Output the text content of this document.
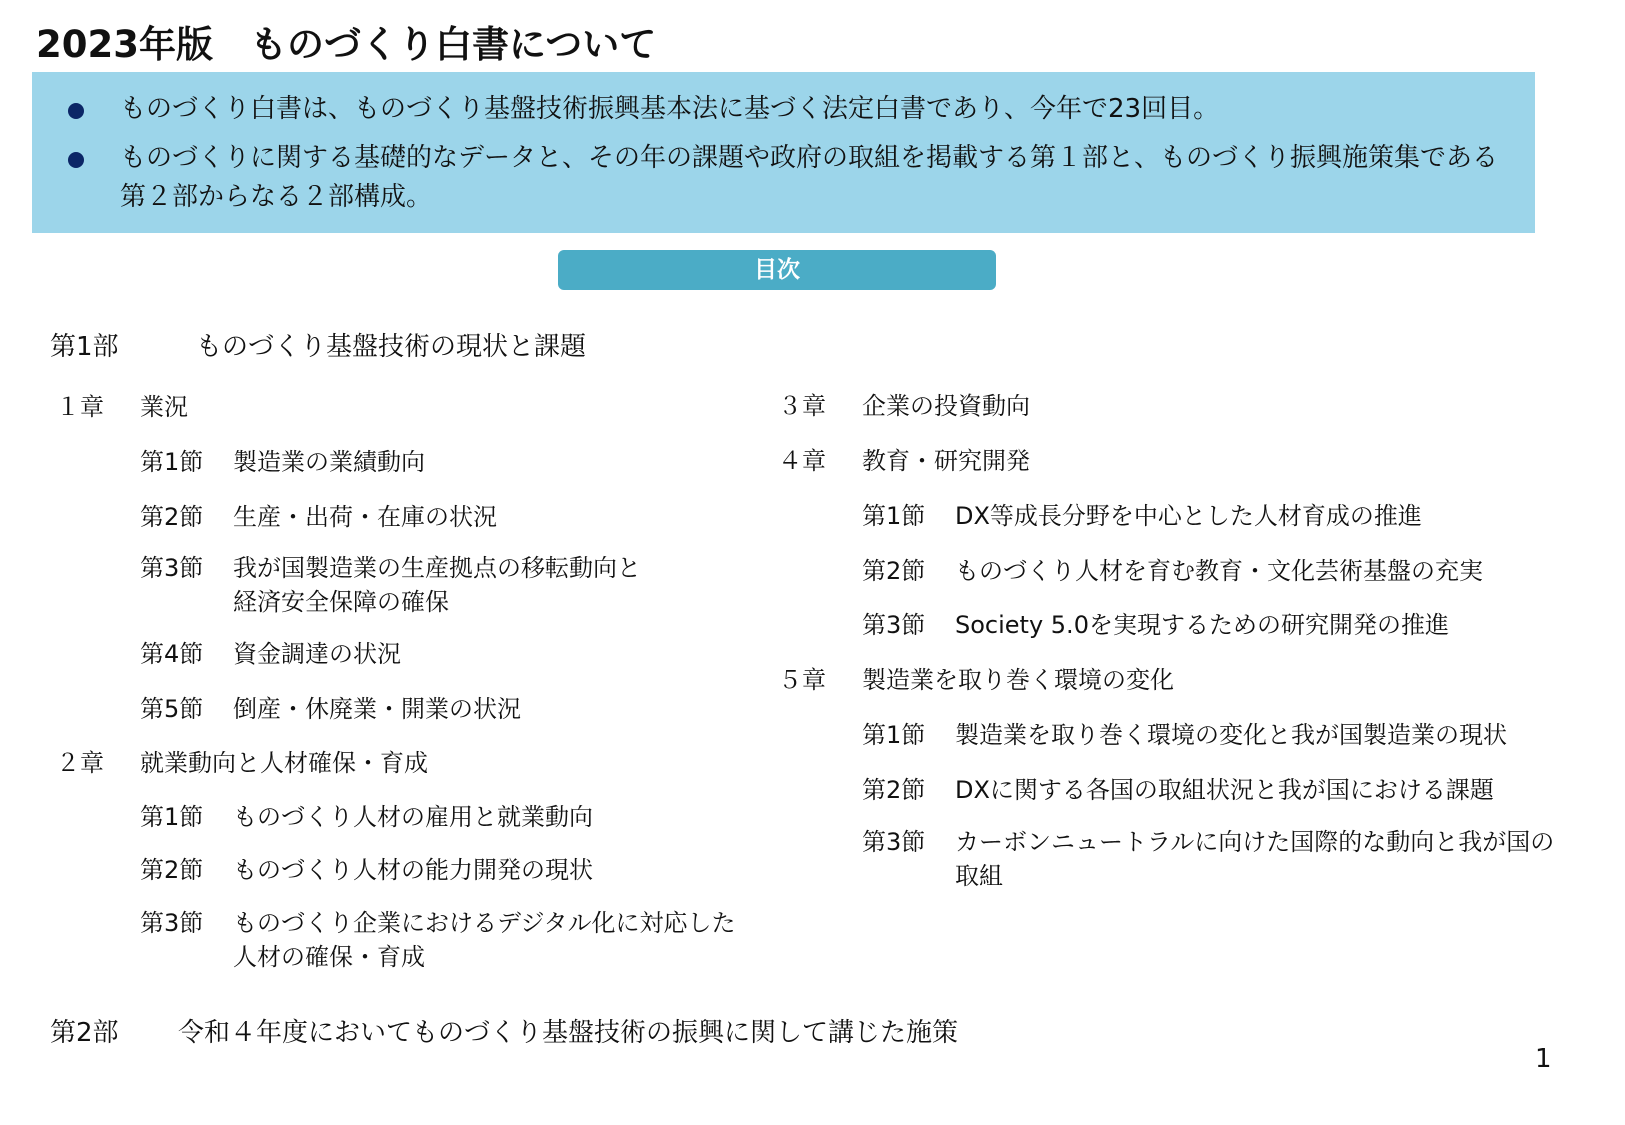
2023年版　ものづくり白書について
ものづくり白書は、ものづくり基盤技術振興基本法に基づく法定白書であり、今年で23回目。
ものづくりに関する基礎的なデータと、その年の課題や政府の取組を掲載する第１部と、ものづくり振興施策集である第２部からなる２部構成。
目次
第1部	ものづくり基盤技術の現状と課題
１章 業況
第1節 製造業の業績動向
第2節 生産・出荷・在庫の状況
第3節 我が国製造業の生産拠点の移転動向と
経済安全保障の確保
第4節 資金調達の状況
第5節 倒産・休廃業・開業の状況
２章 就業動向と人材確保・育成
第1節 ものづくり人材の雇用と就業動向
第2節 ものづくり人材の能力開発の現状
第3節 ものづくり企業におけるデジタル化に対応した
人材の確保・育成
３章 企業の投資動向
４章 教育・研究開発
第1節 DX等成長分野を中心とした人材育成の推進
第2節 ものづくり人材を育む教育・文化芸術基盤の充実
第3節 Society 5.0を実現するための研究開発の推進
５章 製造業を取り巻く環境の変化
第1節 製造業を取り巻く環境の変化と我が国製造業の現状
第2節 DXに関する各国の取組状況と我が国における課題
第3節 カーボンニュートラルに向けた国際的な動向と我が国の
取組
第2部 令和４年度においてものづくり基盤技術の振興に関して講じた施策
1
